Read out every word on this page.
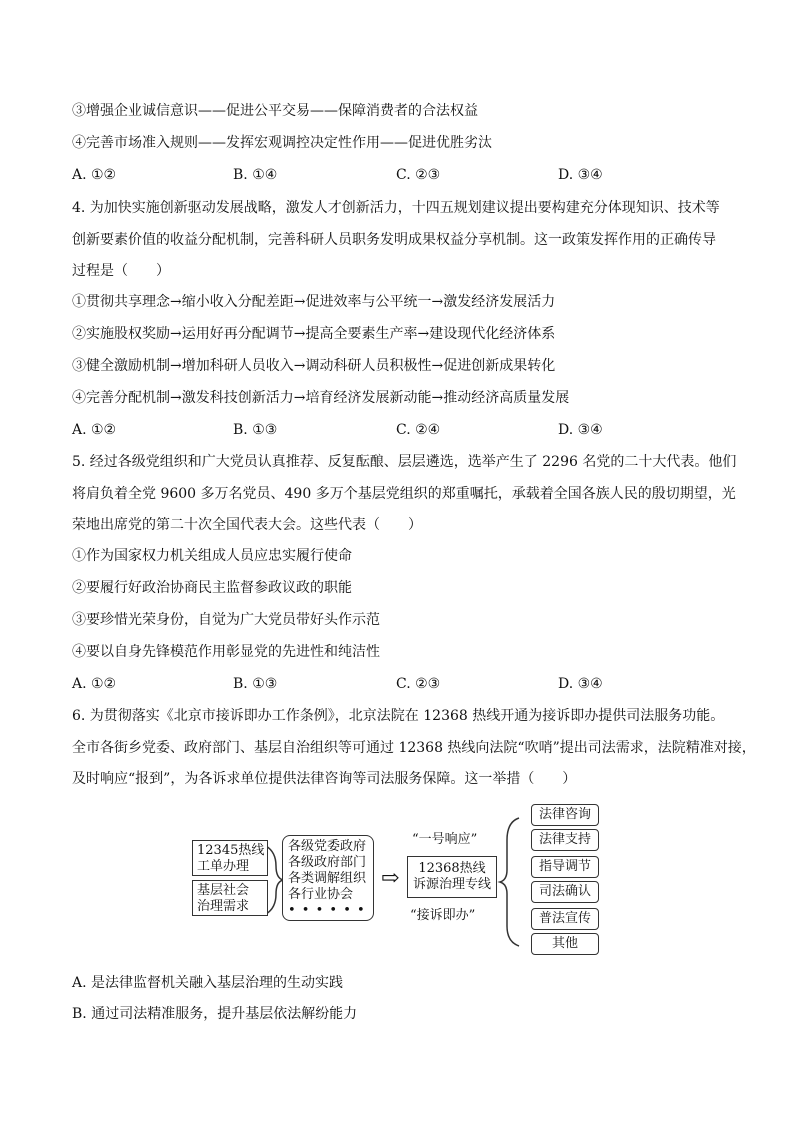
③增强企业诚信意识——促进公平交易——保障消费者的合法权益
④完善市场准入规则——发挥宏观调控决定性作用——促进优胜劣汰
A. ①②	B. ①④	C. ②③	D. ③④
4. 为加快实施创新驱动发展战略，激发人才创新活力，十四五规划建议提出要构建充分体现知识、技术等
创新要素价值的收益分配机制，完善科研人员职务发明成果权益分享机制。这一政策发挥作用的正确传导
过程是（　　）
①贯彻共享理念→缩小收入分配差距→促进效率与公平统一→激发经济发展活力
②实施股权奖励→运用好再分配调节→提高全要素生产率→建设现代化经济体系
③健全激励机制→增加科研人员收入→调动科研人员积极性→促进创新成果转化
④完善分配机制→激发科技创新活力→培育经济发展新动能→推动经济高质量发展
A. ①②	B. ①③	C. ②④	D. ③④
5. 经过各级党组织和广大党员认真推荐、反复酝酿、层层遴选，选举产生了 2296 名党的二十大代表。他们
将肩负着全党 9600 多万名党员、490 多万个基层党组织的郑重嘱托，承载着全国各族人民的殷切期望，光
荣地出席党的第二十次全国代表大会。这些代表（　　）
①作为国家权力机关组成人员应忠实履行使命
②要履行好政治协商民主监督参政议政的职能
③要珍惜光荣身份，自觉为广大党员带好头作示范
④要以自身先锋模范作用彰显党的先进性和纯洁性
A. ①②	B. ①③	C. ②③	D. ③④
6. 为贯彻落实《北京市接诉即办工作条例》，北京法院在 12368 热线开通为接诉即办提供司法服务功能。
全市各街乡党委、政府部门、基层自治组织等可通过 12368 热线向法院“吹哨”提出司法需求，法院精准对接，
及时响应“报到”，为各诉求单位提供法律咨询等司法服务保障。这一举措（　　）
12345热线
工单办理
基层社会
治理需求
各级党委政府
各级政府部门
各类调解组织
各行业协会
• • • • • •
⇨
“一号响应”
12368热线
诉源治理专线
“接诉即办”
法律咨询
法律支持
指导调节
司法确认
普法宣传
其他
A. 是法律监督机关融入基层治理的生动实践
B. 通过司法精准服务，提升基层依法解纷能力
